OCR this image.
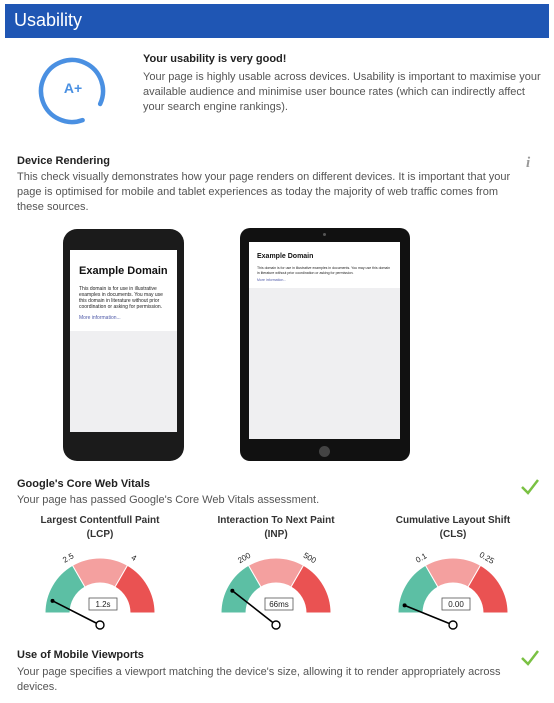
Usability
A+
Your usability is very good!
Your page is highly usable across devices. Usability is important to maximise your available audience and minimise user bounce rates (which can indirectly affect your search engine rankings).
Device Rendering	i
This check visually demonstrates how your page renders on different devices. It is important that your page is optimised for mobile and tablet experiences as today the majority of web traffic comes from these sources.
Example Domain
This domain is for use in illustrative examples in documents. You may use this domain in literature without prior coordination or asking for permission.
More information...
Example Domain
This domain is for use in illustrative examples in documents. You may use this domain in literature without prior coordination or asking for permission.
More information...
Google's Core Web Vitals
Your page has passed Google's Core Web Vitals assessment.
Largest Contentfull Paint (LCP)
Interaction To Next Paint (INP)
Cumulative Layout Shift (CLS)
2.5	4
1.2s
200	500
66ms
0.1	0.25
0.00
Use of Mobile Viewports
Your page specifies a viewport matching the device's size, allowing it to render appropriately across devices.
